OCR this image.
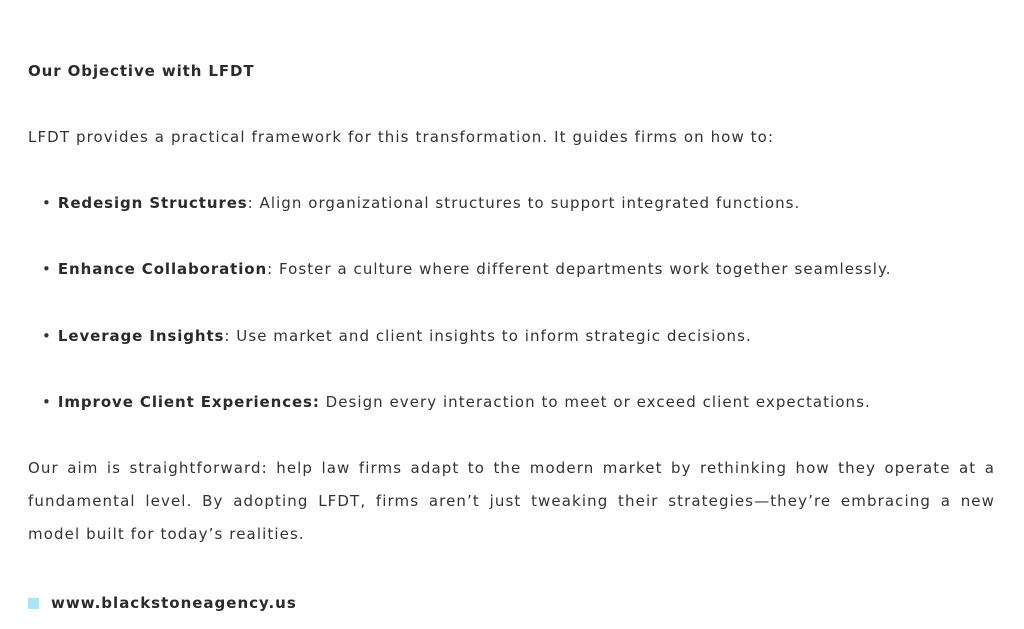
Our Objective with LFDT
LFDT provides a practical framework for this transformation. It guides firms on how to:
• Redesign Structures: Align organizational structures to support integrated functions.
• Enhance Collaboration: Foster a culture where different departments work together seamlessly.
• Leverage Insights: Use market and client insights to inform strategic decisions.
• Improve Client Experiences: Design every interaction to meet or exceed client expectations.
Our aim is straightforward: help law firms adapt to the modern market by rethinking how they operate at a fundamental level. By adopting LFDT, firms aren’t just tweaking their strategies—they’re embracing a new model built for today’s realities.
www.blackstoneagency.us
